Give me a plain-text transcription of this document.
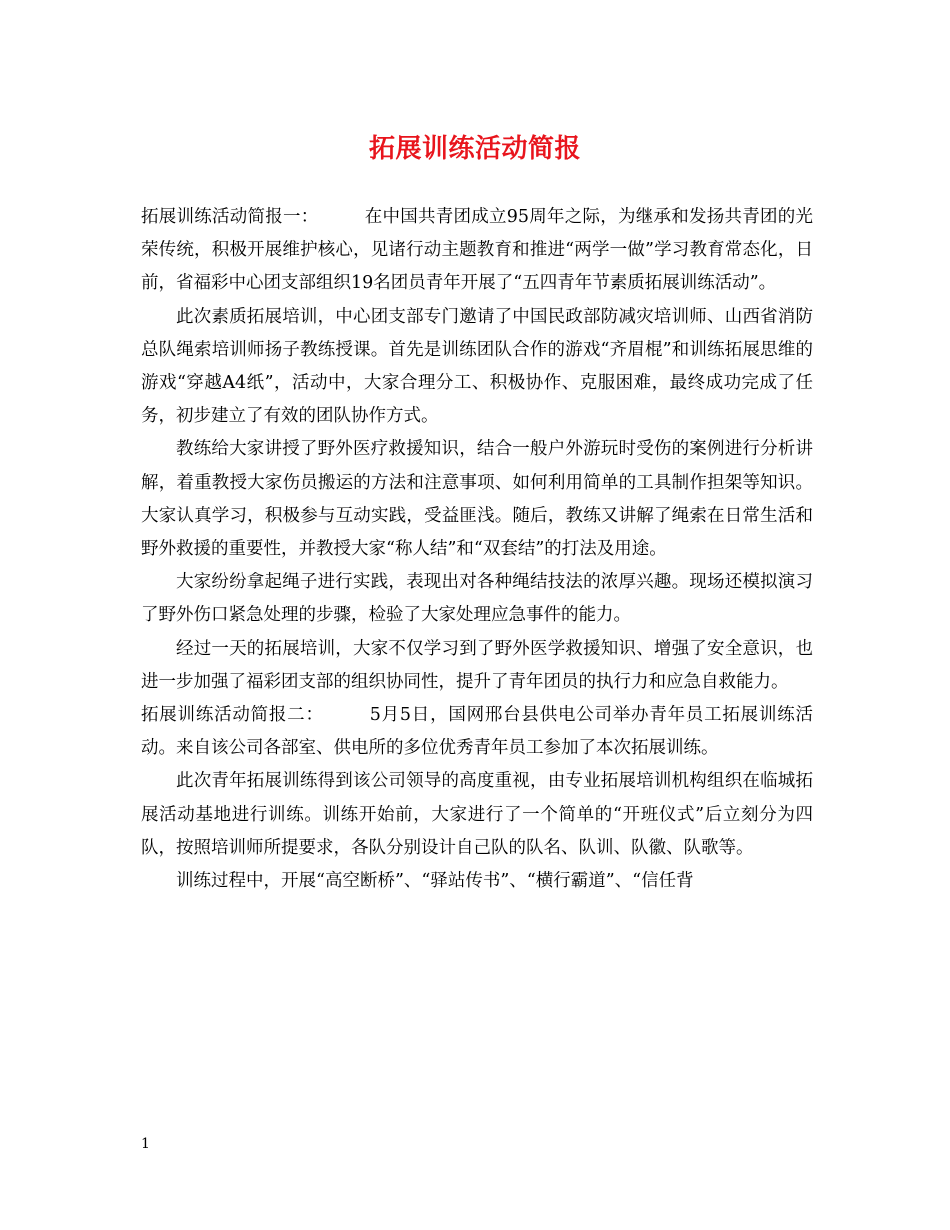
拓展训练活动简报

拓展训练活动简报一：	在中国共青团成立95周年之际，为继承和发扬共青团的光荣传统，积极开展维护核心，见诸行动主题教育和推进“两学一做”学习教育常态化，日前，省福彩中心团支部组织19名团员青年开展了“五四青年节素质拓展训练活动”。

此次素质拓展培训，中心团支部专门邀请了中国民政部防减灾培训师、山西省消防总队绳索培训师扬子教练授课。首先是训练团队合作的游戏“齐眉棍”和训练拓展思维的游戏“穿越A4纸”，活动中，大家合理分工、积极协作、克服困难，最终成功完成了任务，初步建立了有效的团队协作方式。

教练给大家讲授了野外医疗救援知识，结合一般户外游玩时受伤的案例进行分析讲解，着重教授大家伤员搬运的方法和注意事项、如何利用简单的工具制作担架等知识。大家认真学习，积极参与互动实践，受益匪浅。随后，教练又讲解了绳索在日常生活和野外救援的重要性，并教授大家“称人结”和“双套结”的打法及用途。

大家纷纷拿起绳子进行实践，表现出对各种绳结技法的浓厚兴趣。现场还模拟演习了野外伤口紧急处理的步骤，检验了大家处理应急事件的能力。

经过一天的拓展培训，大家不仅学习到了野外医学救援知识、增强了安全意识，也进一步加强了福彩团支部的组织协同性，提升了青年团员的执行力和应急自救能力。

拓展训练活动简报二：	5月5日，国网邢台县供电公司举办青年员工拓展训练活动。来自该公司各部室、供电所的多位优秀青年员工参加了本次拓展训练。

此次青年拓展训练得到该公司领导的高度重视，由专业拓展培训机构组织在临城拓展活动基地进行训练。训练开始前，大家进行了一个简单的“开班仪式”后立刻分为四队，按照培训师所提要求，各队分别设计自己队的队名、队训、队徽、队歌等。

训练过程中，开展“高空断桥”、“驿站传书”、“横行霸道”、“信任背

1
